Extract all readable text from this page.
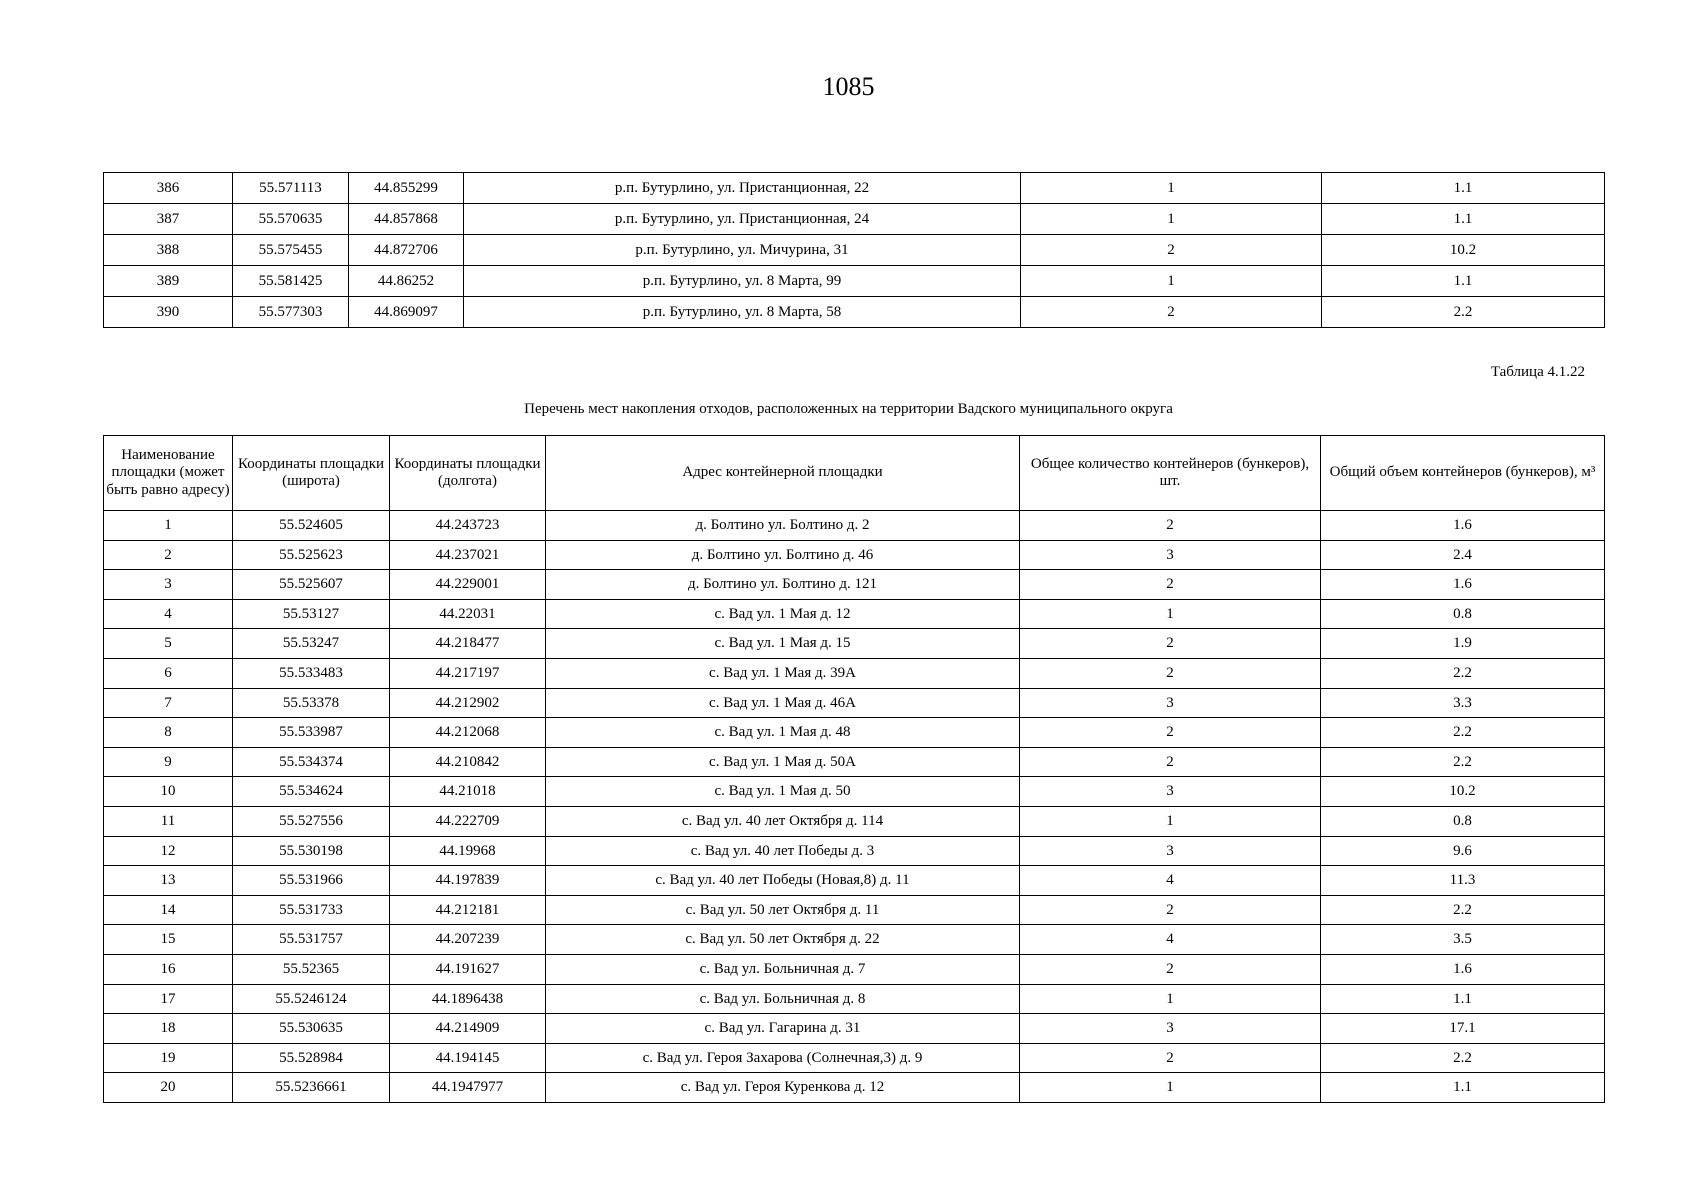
1085
386	55.571113	44.855299	р.п. Бутурлино, ул. Пристанционная, 22	1	1.1
387	55.570635	44.857868	р.п. Бутурлино, ул. Пристанционная, 24	1	1.1
388	55.575455	44.872706	р.п. Бутурлино, ул. Мичурина, 31	2	10.2
389	55.581425	44.86252	р.п. Бутурлино, ул. 8 Марта, 99	1	1.1
390	55.577303	44.869097	р.п. Бутурлино, ул. 8 Марта, 58	2	2.2
Таблица 4.1.22
Перечень мест накопления отходов, расположенных на территории Вадского муниципального округа
Наименование площадки (может быть равно адресу)	Координаты площадки (широта)	Координаты площадки (долгота)	Адрес контейнерной площадки	Общее количество контейнеров (бункеров), шт.	Общий объем контейнеров (бункеров), м³
1	55.524605	44.243723	д. Болтино ул. Болтино д. 2	2	1.6
2	55.525623	44.237021	д. Болтино ул. Болтино д. 46	3	2.4
3	55.525607	44.229001	д. Болтино ул. Болтино д. 121	2	1.6
4	55.53127	44.22031	с. Вад ул. 1 Мая д. 12	1	0.8
5	55.53247	44.218477	с. Вад ул. 1 Мая д. 15	2	1.9
6	55.533483	44.217197	с. Вад ул. 1 Мая д. 39А	2	2.2
7	55.53378	44.212902	с. Вад ул. 1 Мая д. 46А	3	3.3
8	55.533987	44.212068	с. Вад ул. 1 Мая д. 48	2	2.2
9	55.534374	44.210842	с. Вад ул. 1 Мая д. 50А	2	2.2
10	55.534624	44.21018	с. Вад ул. 1 Мая д. 50	3	10.2
11	55.527556	44.222709	с. Вад ул. 40 лет Октября д. 114	1	0.8
12	55.530198	44.19968	с. Вад ул. 40 лет Победы д. 3	3	9.6
13	55.531966	44.197839	с. Вад ул. 40 лет Победы (Новая,8) д. 11	4	11.3
14	55.531733	44.212181	с. Вад ул. 50 лет Октября д. 11	2	2.2
15	55.531757	44.207239	с. Вад ул. 50 лет Октября д. 22	4	3.5
16	55.52365	44.191627	с. Вад ул. Больничная д. 7	2	1.6
17	55.5246124	44.1896438	с. Вад ул. Больничная д. 8	1	1.1
18	55.530635	44.214909	с. Вад ул. Гагарина д. 31	3	17.1
19	55.528984	44.194145	с. Вад ул. Героя Захарова (Солнечная,3) д. 9	2	2.2
20	55.5236661	44.1947977	с. Вад ул. Героя Куренкова д. 12	1	1.1
